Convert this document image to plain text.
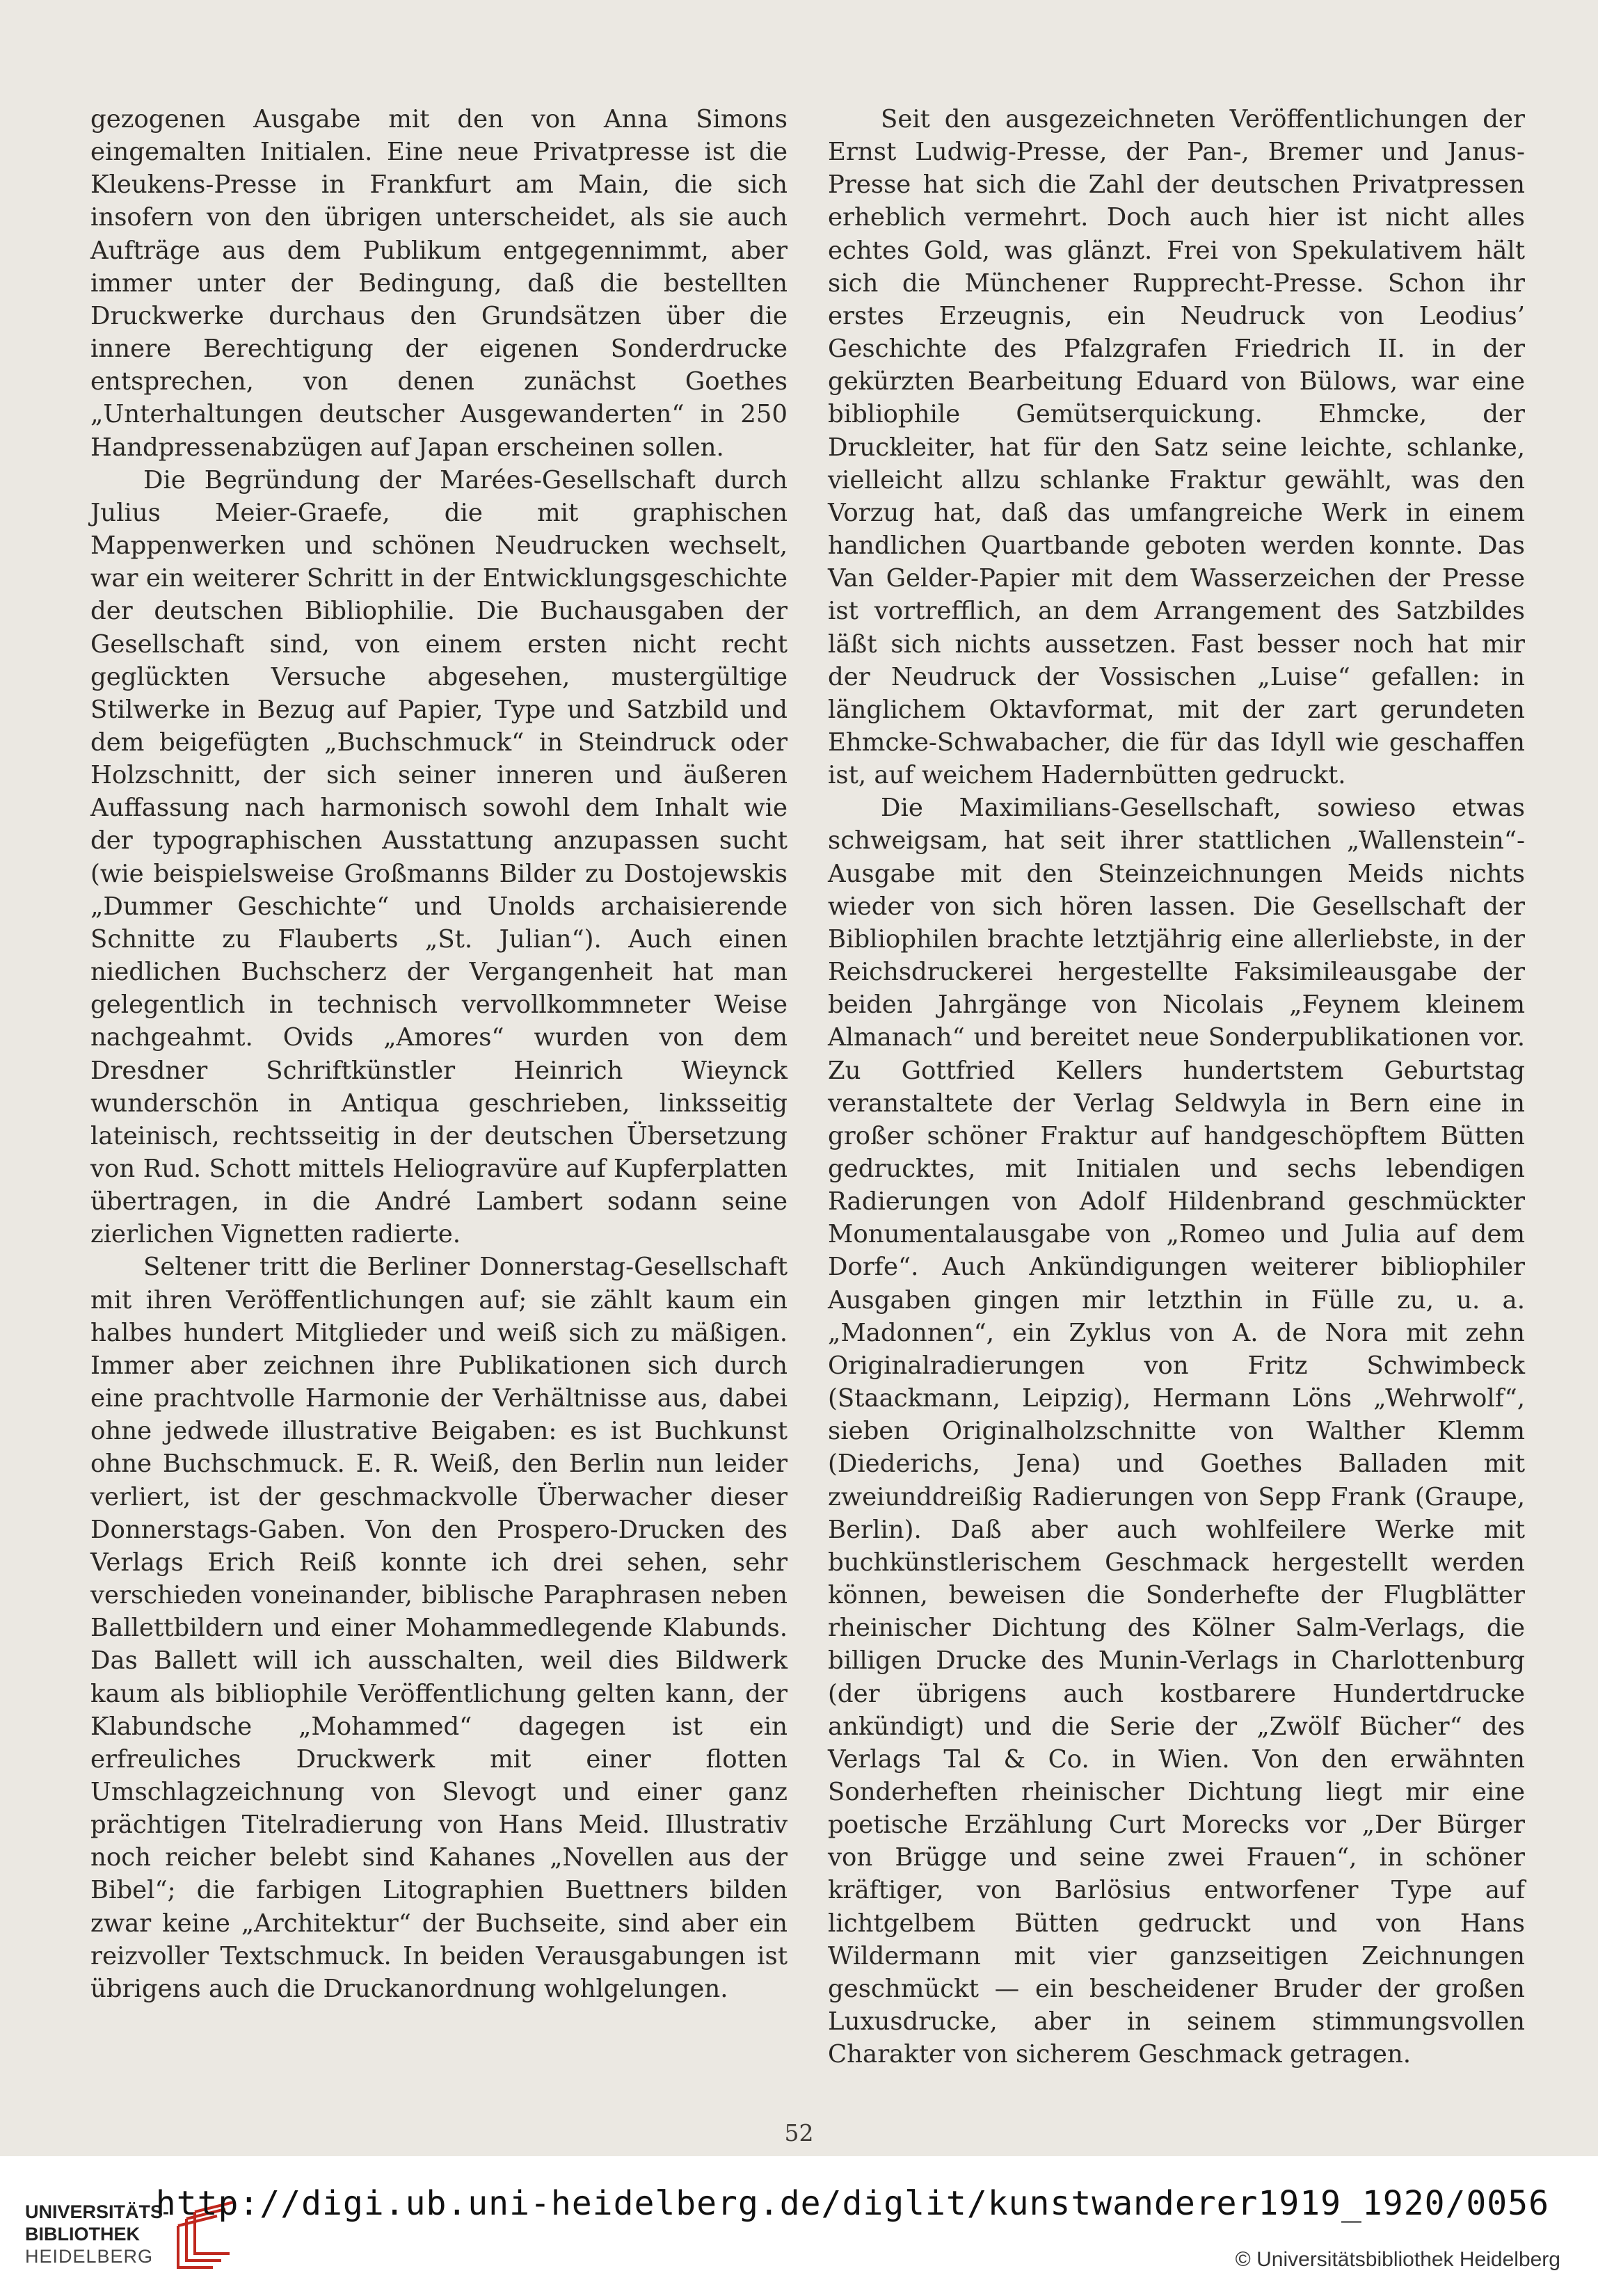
gezogenen Ausgabe mit den von Anna Simons eingemalten Initialen. Eine neue Privatpresse ist die Kleukens-Presse in Frankfurt am Main, die sich insofern von den übrigen unterscheidet, als sie auch Aufträge aus dem Publikum entgegennimmt, aber immer unter der Bedingung, daß die bestellten Druckwerke durchaus den Grundsätzen über die innere Berechtigung der eigenen Sonderdrucke entsprechen, von denen zunächst Goethes „Unterhaltungen deutscher Ausgewanderten“ in 250 Handpressenabzügen auf Japan erscheinen sollen.

Die Begründung der Marées-Gesellschaft durch Julius Meier-Graefe, die mit graphischen Mappenwerken und schönen Neudrucken wechselt, war ein weiterer Schritt in der Entwicklungsgeschichte der deutschen Bibliophilie. Die Buchausgaben der Gesellschaft sind, von einem ersten nicht recht geglückten Versuche abgesehen, mustergültige Stilwerke in Bezug auf Papier, Type und Satzbild und dem beigefügten „Buchschmuck“ in Steindruck oder Holzschnitt, der sich seiner inneren und äußeren Auffassung nach harmonisch sowohl dem Inhalt wie der typographischen Ausstattung anzupassen sucht (wie beispielsweise Großmanns Bilder zu Dostojewskis „Dummer Geschichte“ und Unolds archaisierende Schnitte zu Flauberts „St. Julian“). Auch einen niedlichen Buchscherz der Vergangenheit hat man gelegentlich in technisch vervollkommneter Weise nachgeahmt. Ovids „Amores“ wurden von dem Dresdner Schriftkünstler Heinrich Wieynck wunderschön in Antiqua geschrieben, linksseitig lateinisch, rechtsseitig in der deutschen Übersetzung von Rud. Schott mittels Heliogravüre auf Kupferplatten übertragen, in die André Lambert sodann seine zierlichen Vignetten radierte.

Seltener tritt die Berliner Donnerstag-Gesellschaft mit ihren Veröffentlichungen auf; sie zählt kaum ein halbes hundert Mitglieder und weiß sich zu mäßigen. Immer aber zeichnen ihre Publikationen sich durch eine prachtvolle Harmonie der Verhältnisse aus, dabei ohne jedwede illustrative Beigaben: es ist Buchkunst ohne Buchschmuck. E. R. Weiß, den Berlin nun leider verliert, ist der geschmackvolle Überwacher dieser Donnerstags-Gaben. Von den Prospero-Drucken des Verlags Erich Reiß konnte ich drei sehen, sehr verschieden voneinander, biblische Paraphrasen neben Ballettbildern und einer Mohammedlegende Klabunds. Das Ballett will ich ausschalten, weil dies Bildwerk kaum als bibliophile Veröffentlichung gelten kann, der Klabundsche „Mohammed“ dagegen ist ein erfreuliches Druckwerk mit einer flotten Umschlagzeichnung von Slevogt und einer ganz prächtigen Titelradierung von Hans Meid. Illustrativ noch reicher belebt sind Kahanes „Novellen aus der Bibel“; die farbigen Litographien Buettners bilden zwar keine „Architektur“ der Buchseite, sind aber ein reizvoller Textschmuck. In beiden Verausgabungen ist übrigens auch die Druckanordnung wohlgelungen.

Seit den ausgezeichneten Veröffentlichungen der Ernst Ludwig-Presse, der Pan-, Bremer und Janus-Presse hat sich die Zahl der deutschen Privatpressen erheblich vermehrt. Doch auch hier ist nicht alles echtes Gold, was glänzt. Frei von Spekulativem hält sich die Münchener Rupprecht-Presse. Schon ihr erstes Erzeugnis, ein Neudruck von Leodius’ Geschichte des Pfalzgrafen Friedrich II. in der gekürzten Bearbeitung Eduard von Bülows, war eine bibliophile Gemütserquickung. Ehmcke, der Druckleiter, hat für den Satz seine leichte, schlanke, vielleicht allzu schlanke Fraktur gewählt, was den Vorzug hat, daß das umfangreiche Werk in einem handlichen Quartbande geboten werden konnte. Das Van Gelder-Papier mit dem Wasserzeichen der Presse ist vortrefflich, an dem Arrangement des Satzbildes läßt sich nichts aussetzen. Fast besser noch hat mir der Neudruck der Vossischen „Luise“ gefallen: in länglichem Oktavformat, mit der zart gerundeten Ehmcke-Schwabacher, die für das Idyll wie geschaffen ist, auf weichem Hadernbütten gedruckt.

Die Maximilians-Gesellschaft, sowieso etwas schweigsam, hat seit ihrer stattlichen „Wallenstein“-Ausgabe mit den Steinzeichnungen Meids nichts wieder von sich hören lassen. Die Gesellschaft der Bibliophilen brachte letztjährig eine allerliebste, in der Reichsdruckerei hergestellte Faksimileausgabe der beiden Jahrgänge von Nicolais „Feynem kleinem Almanach“ und bereitet neue Sonderpublikationen vor. Zu Gottfried Kellers hundertstem Geburtstag veranstaltete der Verlag Seldwyla in Bern eine in großer schöner Fraktur auf handgeschöpftem Bütten gedrucktes, mit Initialen und sechs lebendigen Radierungen von Adolf Hildenbrand geschmückter Monumentalausgabe von „Romeo und Julia auf dem Dorfe“. Auch Ankündigungen weiterer bibliophiler Ausgaben gingen mir letzthin in Fülle zu, u. a. „Madonnen“, ein Zyklus von A. de Nora mit zehn Originalradierungen von Fritz Schwimbeck (Staackmann, Leipzig), Hermann Löns „Wehrwolf“, sieben Originalholzschnitte von Walther Klemm (Diederichs, Jena) und Goethes Balladen mit zweiunddreißig Radierungen von Sepp Frank (Graupe, Berlin). Daß aber auch wohlfeilere Werke mit buchkünstlerischem Geschmack hergestellt werden können, beweisen die Sonderhefte der Flugblätter rheinischer Dichtung des Kölner Salm-Verlags, die billigen Drucke des Munin-Verlags in Charlottenburg (der übrigens auch kostbarere Hundertdrucke ankündigt) und die Serie der „Zwölf Bücher“ des Verlags Tal & Co. in Wien. Von den erwähnten Sonderheften rheinischer Dichtung liegt mir eine poetische Erzählung Curt Morecks vor „Der Bürger von Brügge und seine zwei Frauen“, in schöner kräftiger, von Barlösius entworfener Type auf lichtgelbem Bütten gedruckt und von Hans Wildermann mit vier ganzseitigen Zeichnungen geschmückt — ein bescheidener Bruder der großen Luxusdrucke, aber in seinem stimmungsvollen Charakter von sicherem Geschmack getragen.

52
UNIVERSITÄTS-
BIBLIOTHEK
HEIDELBERG
http://digi.ub.uni-heidelberg.de/diglit/kunstwanderer1919_1920/0056
© Universitätsbibliothek Heidelberg
